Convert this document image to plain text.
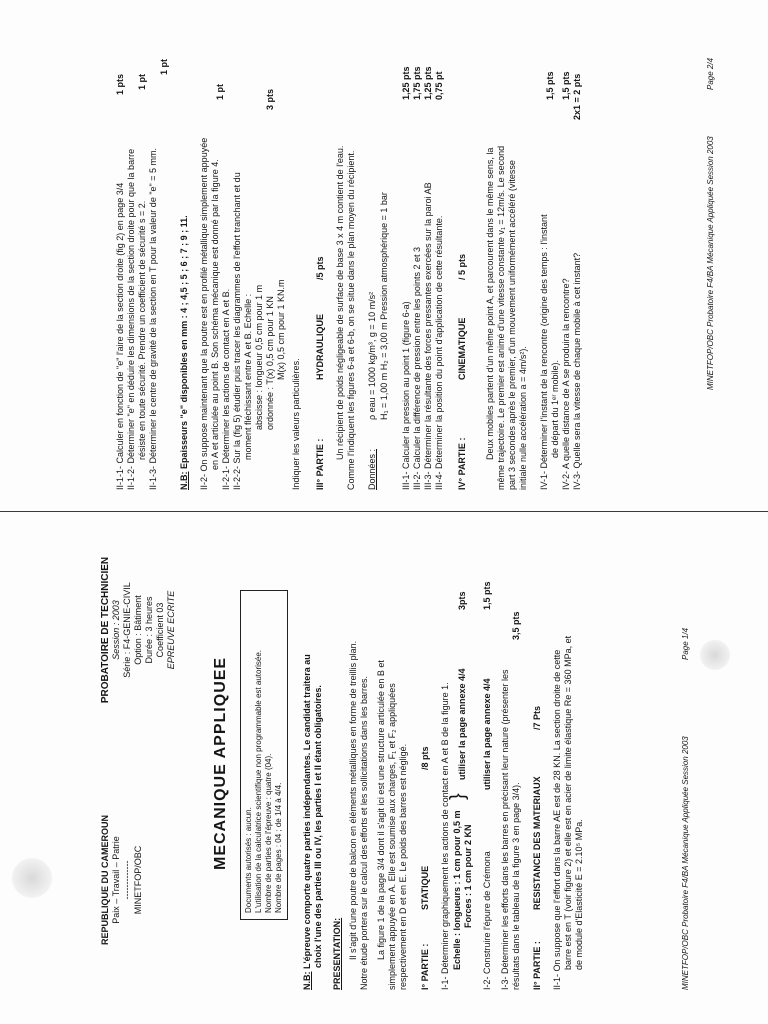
REPUBLIQUE DU CAMEROUN Paix – Travail – Patrie ------------- MINETFOP/OBC
PROBATOIRE DE TECHNICIEN Session : 2003 Série : F4-GENIE-CIVIL Option : Bâtiment Durée : 3 heures Coefficient 03 EPREUVE ECRITE
MECANIQUE APPLIQUEE Documents autorisés : aucun. L'utilisation de la calculatrice scientifique non programmable est autorisée. Nombre de parties de l'épreuve : quatre (04). Nombre de pages : 04 ; de 1/4 à 4/4.
N.B: L'épreuve comporte quatre parties indépendantes. Le candidat traitera au choix l'une des parties III ou IV, les parties I et II étant obligatoires. PRESENTATION: Il s'agit d'une poutre de balcon en éléments métalliques en forme de treillis plan. Notre étude portera sur le calcul des efforts et les sollicitations dans les barres. La figure 1 de la page 3/4 dont il s'agit ici est une structure articulée en B et simplement appuyée en A. Elle est soumise aux charges, F₁ et F₂ appliquées respectivement en D et en E. Le poids des barres est négligé. I° PARTIE :
STATIQUE
/8 pts I-1- Déterminer graphiquement les actions de contact en A et B de la figure 1. Echelle : longueurs : 1 cm pour 0,5 m Forces : 1 cm pour 2 KN
}
utiliser la page annexe 4/4
3pts
I-2- Construire l'épure de Crémona
utiliser la page annexe 4/4
1,5 pts
I-3- Déterminer les efforts dans les barres en précisant leur nature (présenter les résultats dans le tableau de la figure 3 en page 3/4).
3,5 pts
II° PARTIE :
RESISTANCE DES MATERIAUX
/7 Pts II-1- On suppose que l'effort dans la barre AE est de 28 KN. La section droite de cette barre est en T (voir figure 2) et elle est en acier de limite élastique Re = 360 MPa, et de module d'Elasticité E = 2.10⁵ MPa.	MINETFOP/OBC Probatoire F4/BA Mécanique Appliquée Session 2003
Page 1/4
II-1-1- Calculer en fonction de "e" l'aire de la section droite (fig 2) en page 3/4
1 pts
II-1-2- Déterminer "e" en déduire les dimensions de la section droite pour que la barre résiste en toute sécurité. Prendre un coefficient de sécurité s = 2.
1 pt
II-1-3- Déterminer le centre de gravité de la section en T pour la valeur de "e" = 5 mm.
1 pt
N.B: Epaisseurs "e" disponibles en mm : 4 ; 4,5 ; 5 ; 6 ; 7 ; 9 ; 11. II-2- On suppose maintenant que la poutre est en profilé métallique simplement appuyée en A et articulée au point B. Son schéma mécanique est donné par la figure 4. II-2-1- Déterminer les actions de contact en A et B.
1 pt
II-2-2- Sur la (fig 5) étudier puis tracer les diagrammes de l'effort tranchant et du moment fléchissant entre A et B. Echelle : abscisse : longueur 0,5 cm pour 1 m ordonnée : T(x) 0,5 cm pour 1 KN M(x) 0,5 cm pour 1 KN.m
3 pts
Indiquer les valeurs particulières. III° PARTIE :
HYDRAULIQUE
/5 pts Un récipient de poids négligeable de surface de base 3 x 4 m contient de l'eau. Comme l'indiquent les figures 6-a et 6-b, on se situe dans le plan moyen du récipient. Données :
ρ eau = 1000 kg/m³, g = 10 m/s² H₁ = 1,00 m H₂ = 3,00 m Pression atmosphérique = 1 bar III-1- Calculer la pression au point 1 (figure 6-a)
1,25 pts
III-2- Calculer la différence de pression entre les points 2 et 3
1,75 pts
III-3- Déterminer la résultante des forces pressantes exercées sur la paroi AB
1,25 pts
III-4- Déterminer la position du point d'application de cette résultante.
0,75 pt
IV° PARTIE :
CINEMATIQUE
/ 5 pts Deux mobiles partent d'un même point A, et parcourent dans le même sens, la même trajectoire. Le premier est animé d'une vitesse constante v₁ = 12m/s. Le second part 3 secondes après le premier, d'un mouvement uniformément accéléré (vitesse initiale nulle accélération a = 4m/s²). IV-1- Déterminer l'instant de la rencontre (origine des temps : l'instant de départ du 1ᵉʳ mobile).
1,5 pts
IV-2- A quelle distance de A se produira la rencontre?
1,5 pts
IV-3- Quelle sera la vitesse de chaque mobile à cet instant?
2x1 = 2 pts
MINETFOP/OBC Probatoire F4/BA Mécanique Appliquée Session 2003
Page 2/4
